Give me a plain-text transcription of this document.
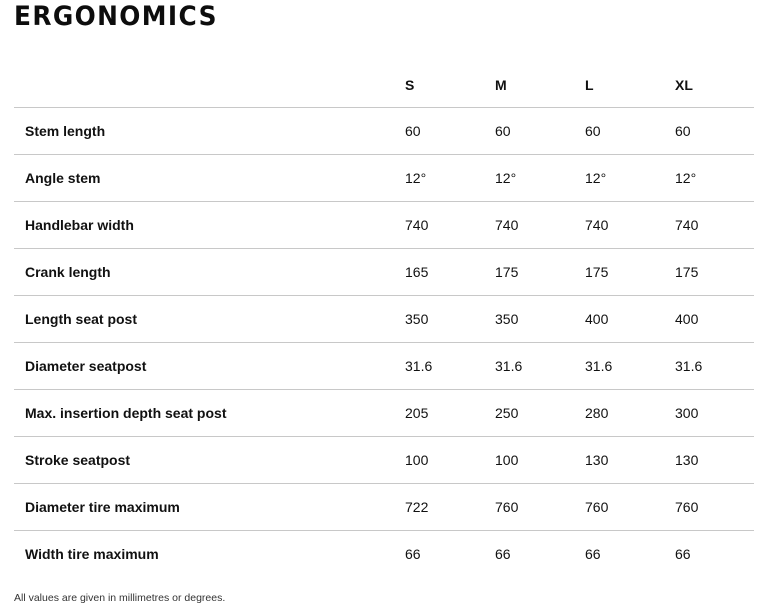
ERGONOMICS
	S	M	L	XL
Stem length	60	60	60	60
Angle stem	12°	12°	12°	12°
Handlebar width	740	740	740	740
Crank length	165	175	175	175
Length seat post	350	350	400	400
Diameter seatpost	31.6	31.6	31.6	31.6
Max. insertion depth seat post	205	250	280	300
Stroke seatpost	100	100	130	130
Diameter tire maximum	722	760	760	760
Width tire maximum	66	66	66	66

All values are given in millimetres or degrees.
